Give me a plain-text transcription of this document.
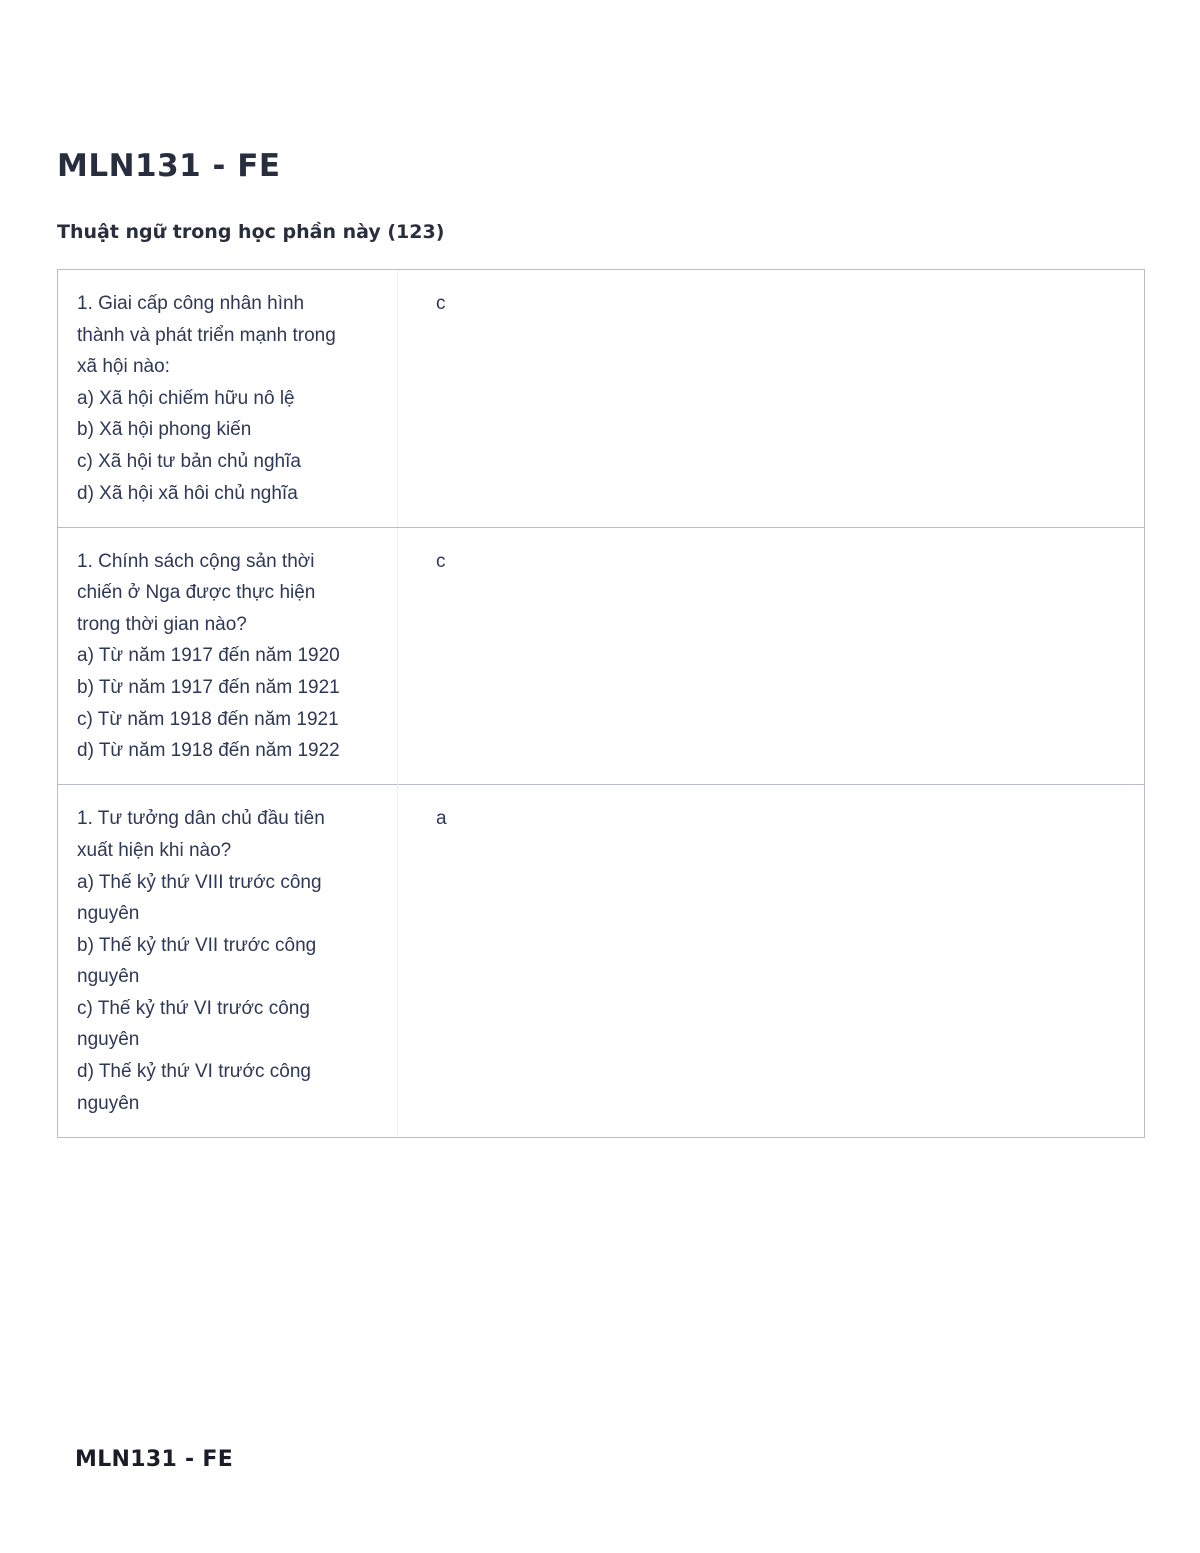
MLN131 - FE
Thuật ngữ trong học phần này (123)
1. Giai cấp công nhân hình
thành và phát triển mạnh trong
xã hội nào:
a) Xã hội chiếm hữu nô lệ
b) Xã hội phong kiến
c) Xã hội tư bản chủ nghĩa
d) Xã hội xã hôi chủ nghĩa
c
1. Chính sách cộng sản thời
chiến ở Nga được thực hiện
trong thời gian nào?
a) Từ năm 1917 đến năm 1920
b) Từ năm 1917 đến năm 1921
c) Từ năm 1918 đến năm 1921
d) Từ năm 1918 đến năm 1922
c
1. Tư tưởng dân chủ đầu tiên
xuất hiện khi nào?
a) Thế kỷ thứ VIII trước công
nguyên
b) Thế kỷ thứ VII trước công
nguyên
c) Thế kỷ thứ VI trước công
nguyên
d) Thế kỷ thứ VI trước công
nguyên
a
MLN131 - FE
